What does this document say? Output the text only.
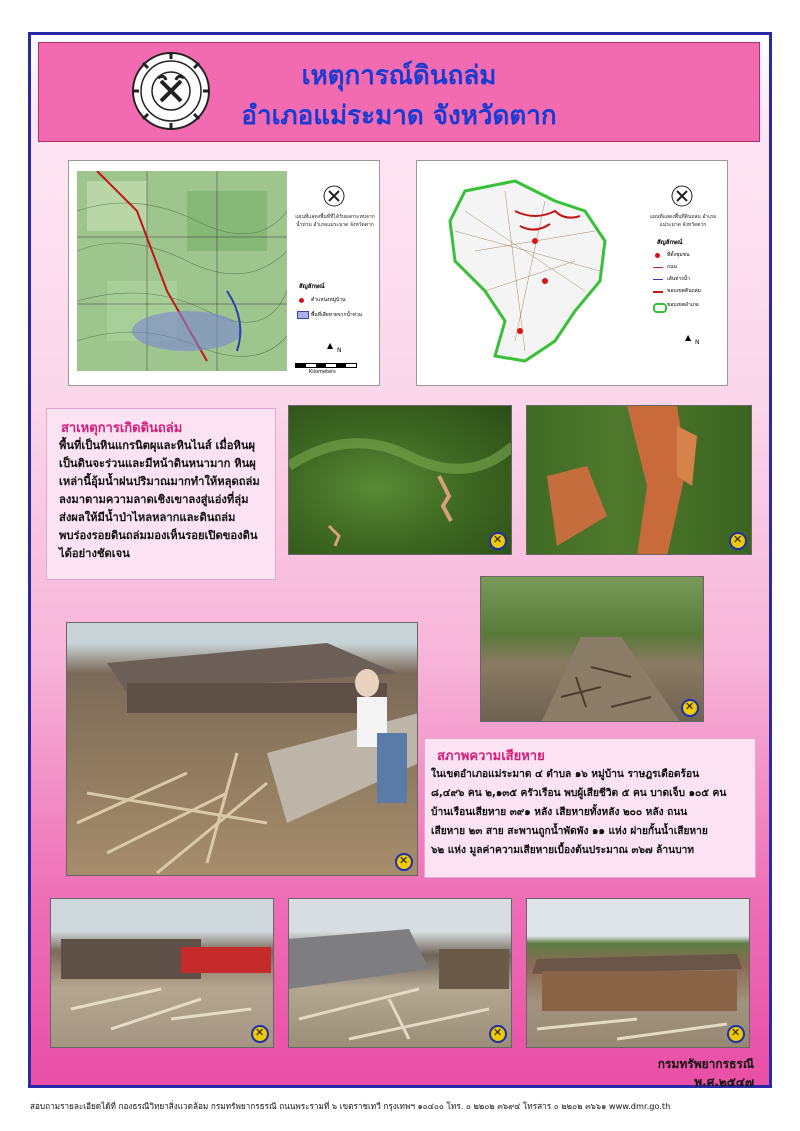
เหตุการณ์ดินถล่ม
อำเภอแม่ระมาด จังหวัดตาก
แผนที่แสดงพื้นที่ที่ได้รับผลกระทบจากน้ำท่วม อำเภอแม่ระมาด จังหวัดตาก
สัญลักษณ์
ตำแหน่งหมู่บ้าน
พื้นที่เสียหายจากน้ำท่วม
▲
N
Kilometers
แผนที่แสดงพื้นที่ดินถล่ม อำเภอแม่ระมาด จังหวัดตาก
สัญลักษณ์
ที่ตั้งชุมชน
ถนน
เส้นทางน้ำ
ขอบเขตดินถล่ม
ขอบเขตอำเภอ
▲
N
สาเหตุการเกิดดินถล่ม
พื้นที่เป็นหินแกรนิตผุและหินไนส์ เมื่อหินผุ
เป็นดินจะร่วนและมีหน้าดินหนามาก หินผุ
เหล่านี้อุ้มน้ำฝนปริมาณมากทำให้หลุดถล่ม
ลงมาตามความลาดเชิงเขาลงสู่แอ่งที่ลุ่ม
ส่งผลให้มีน้ำป่าไหลหลากและดินถล่ม
พบร่องรอยดินถล่มมองเห็นรอยเปิดของดิน
ได้อย่างชัดเจน
✕
✕
✕
✕
สภาพความเสียหาย
ในเขตอำเภอแม่ระมาด ๔ ตำบล ๑๖ หมู่บ้าน ราษฎรเดือดร้อน
๘,๔๙๖ คน ๒,๑๓๕ ครัวเรือน พบผู้เสียชีวิต ๕ คน บาดเจ็บ ๑๐๕ คน
บ้านเรือนเสียหาย ๓๙๑ หลัง เสียหายทั้งหลัง ๒๐๐ หลัง ถนน
เสียหาย ๒๓ สาย สะพานถูกน้ำพัดพัง ๑๑ แห่ง ฝายกั้นน้ำเสียหาย
๖๒ แห่ง มูลค่าความเสียหายเบื้องต้นประมาณ ๓๖๗ ล้านบาท
✕
✕
✕
กรมทรัพยากรธรณี
พ.ศ.๒๕๔๗
สอบถามรายละเอียดได้ที่ กองธรณีวิทยาสิ่งแวดล้อม กรมทรัพยากรธรณี ถนนพระรามที่ ๖ เขตราชเทวี กรุงเทพฯ ๑๐๔๐๐ โทร. ๐ ๒๒๐๒ ๓๖๙๔ โทรสาร ๐ ๒๒๐๒ ๓๖๖๑ www.dmr.go.th
